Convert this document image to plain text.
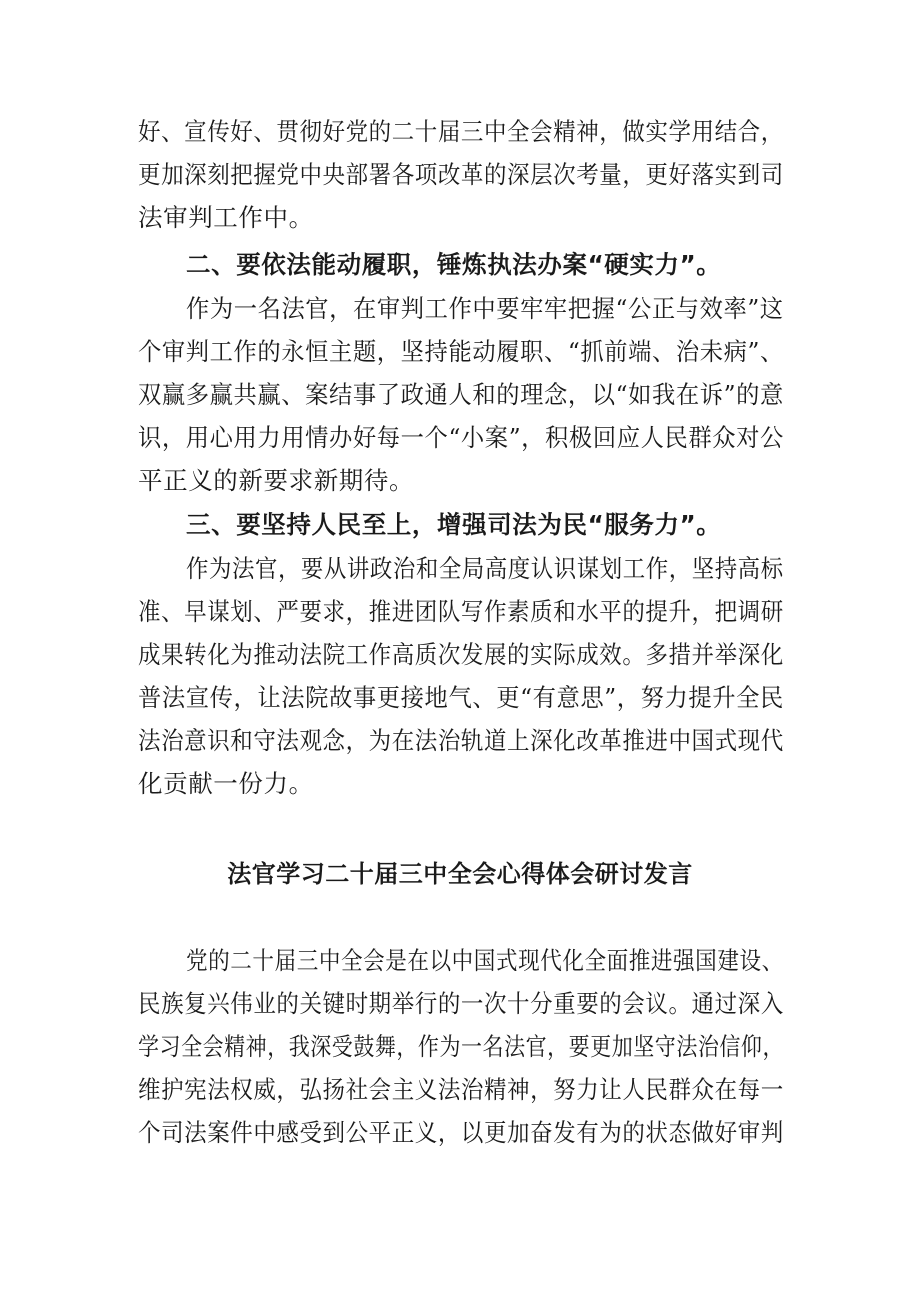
好、宣传好、贯彻好党的二十届三中全会精神，做实学用结合，
更加深刻把握党中央部署各项改革的深层次考量，更好落实到司
法审判工作中。
二、要依法能动履职，锤炼执法办案“硬实力”。
作为一名法官，在审判工作中要牢牢把握“公正与效率”这
个审判工作的永恒主题，坚持能动履职、“抓前端、治未病”、
双赢多赢共赢、案结事了政通人和的理念，以“如我在诉”的意
识，用心用力用情办好每一个“小案”，积极回应人民群众对公
平正义的新要求新期待。
三、要坚持人民至上，增强司法为民“服务力”。
作为法官，要从讲政治和全局高度认识谋划工作，坚持高标
准、早谋划、严要求，推进团队写作素质和水平的提升，把调研
成果转化为推动法院工作高质次发展的实际成效。多措并举深化
普法宣传，让法院故事更接地气、更“有意思”，努力提升全民
法治意识和守法观念，为在法治轨道上深化改革推进中国式现代
化贡献一份力。
法官学习二十届三中全会心得体会研讨发言
党的二十届三中全会是在以中国式现代化全面推进强国建设、
民族复兴伟业的关键时期举行的一次十分重要的会议。通过深入
学习全会精神，我深受鼓舞，作为一名法官，要更加坚守法治信仰，
维护宪法权威，弘扬社会主义法治精神，努力让人民群众在每一
个司法案件中感受到公平正义，以更加奋发有为的状态做好审判
